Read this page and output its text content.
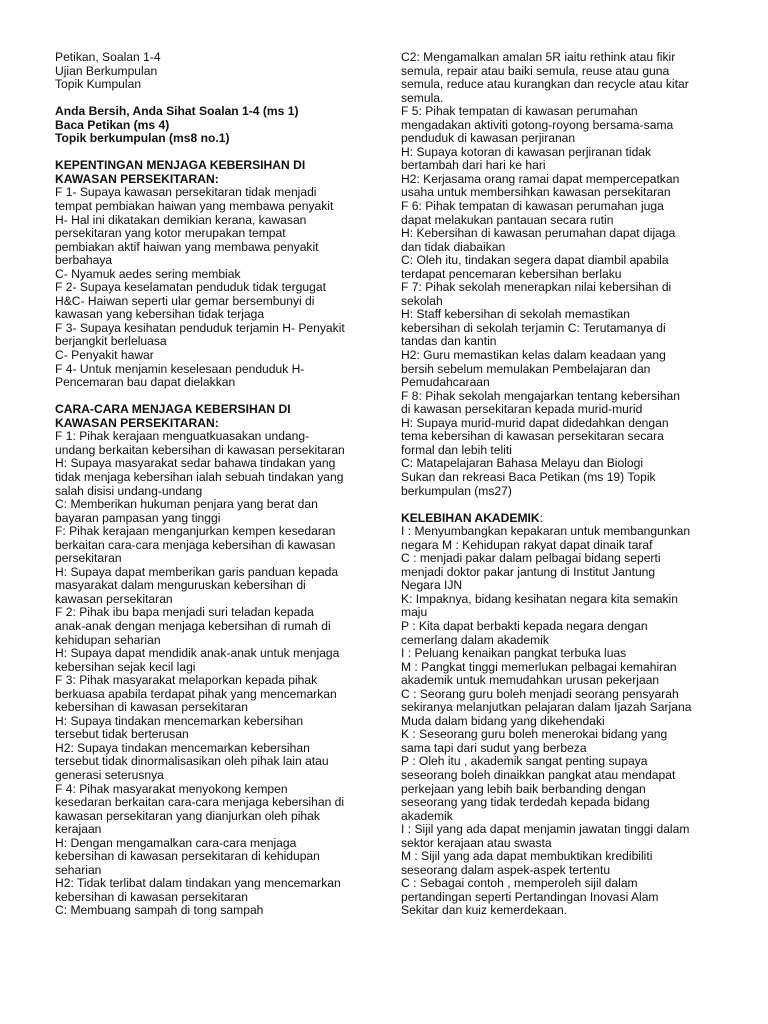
Petikan, Soalan 1-4
Ujian Berkumpulan
Topik Kumpulan
Anda Bersih, Anda Sihat Soalan 1-4 (ms 1)
Baca Petikan (ms 4)
Topik berkumpulan (ms8 no.1)
KEPENTINGAN MENJAGA KEBERSIHAN DI
KAWASAN PERSEKITARAN:
F 1- Supaya kawasan persekitaran tidak menjadi
tempat pembiakan haiwan yang membawa penyakit
H- Hal ini dikatakan demikian kerana, kawasan
persekitaran yang kotor merupakan tempat
pembiakan aktif haiwan yang membawa penyakit
berbahaya
C- Nyamuk aedes sering membiak
F 2- Supaya keselamatan penduduk tidak tergugat
H&C- Haiwan seperti ular gemar bersembunyi di
kawasan yang kebersihan tidak terjaga
F 3- Supaya kesihatan penduduk terjamin H- Penyakit
berjangkit berleluasa
C- Penyakit hawar
F 4- Untuk menjamin keselesaan penduduk H-
Pencemaran bau dapat dielakkan
CARA-CARA MENJAGA KEBERSIHAN DI
KAWASAN PERSEKITARAN:
F 1: Pihak kerajaan menguatkuasakan undang-
undang berkaitan kebersihan di kawasan persekitaran
H: Supaya masyarakat sedar bahawa tindakan yang
tidak menjaga kebersihan ialah sebuah tindakan yang
salah disisi undang-undang
C: Memberikan hukuman penjara yang berat dan
bayaran pampasan yang tinggi
F: Pihak kerajaan menganjurkan kempen kesedaran
berkaitan cara-cara menjaga kebersihan di kawasan
persekitaran
H: Supaya dapat memberikan garis panduan kepada
masyarakat dalam menguruskan kebersihan di
kawasan persekitaran
F 2: Pihak ibu bapa menjadi suri teladan kepada
anak-anak dengan menjaga kebersihan di rumah di
kehidupan seharian
H: Supaya dapat mendidik anak-anak untuk menjaga
kebersihan sejak kecil lagi
F 3: Pihak masyarakat melaporkan kepada pihak
berkuasa apabila terdapat pihak yang mencemarkan
kebersihan di kawasan persekitaran
H: Supaya tindakan mencemarkan kebersihan
tersebut tidak berterusan
H2: Supaya tindakan mencemarkan kebersihan
tersebut tidak dinormalisasikan oleh pihak lain atau
generasi seterusnya
F 4: Pihak masyarakat menyokong kempen
kesedaran berkaitan cara-cara menjaga kebersihan di
kawasan persekitaran yang dianjurkan oleh pihak
kerajaan
H: Dengan mengamalkan cara-cara menjaga
kebersihan di kawasan persekitaran di kehidupan
seharian
H2: Tidak terlibat dalam tindakan yang mencemarkan
kebersihan di kawasan persekitaran
C: Membuang sampah di tong sampah
C2: Mengamalkan amalan 5R iaitu rethink atau fikir
semula, repair atau baiki semula, reuse atau guna
semula, reduce atau kurangkan dan recycle atau kitar
semula.
F 5: Pihak tempatan di kawasan perumahan
mengadakan aktiviti gotong-royong bersama-sama
penduduk di kawasan perjiranan
H: Supaya kotoran di kawasan perjiranan tidak
bertambah dari hari ke hari
H2: Kerjasama orang ramai dapat mempercepatkan
usaha untuk membersihkan kawasan persekitaran
F 6: Pihak tempatan di kawasan perumahan juga
dapat melakukan pantauan secara rutin
H: Kebersihan di kawasan perumahan dapat dijaga
dan tidak diabaikan
C: Oleh itu, tindakan segera dapat diambil apabila
terdapat pencemaran kebersihan berlaku
F 7: Pihak sekolah menerapkan nilai kebersihan di
sekolah
H: Staff kebersihan di sekolah memastikan
kebersihan di sekolah terjamin C: Terutamanya di
tandas dan kantin
H2: Guru memastikan kelas dalam keadaan yang
bersih sebelum memulakan Pembelajaran dan
Pemudahcaraan
F 8: Pihak sekolah mengajarkan tentang kebersihan
di kawasan persekitaran kepada murid-murid
H: Supaya murid-murid dapat didedahkan dengan
tema kebersihan di kawasan persekitaran secara
formal dan lebih teliti
C: Matapelajaran Bahasa Melayu dan Biologi
Sukan dan rekreasi Baca Petikan (ms 19) Topik
berkumpulan (ms27)
KELEBIHAN AKADEMIK:
I : Menyumbangkan kepakaran untuk membangunkan
negara M : Kehidupan rakyat dapat dinaik taraf
C : menjadi pakar dalam pelbagai bidang seperti
menjadi doktor pakar jantung di Institut Jantung
Negara IJN
K: Impaknya, bidang kesihatan negara kita semakin
maju
P : Kita dapat berbakti kepada negara dengan
cemerlang dalam akademik
I : Peluang kenaikan pangkat terbuka luas
M : Pangkat tinggi memerlukan pelbagai kemahiran
akademik untuk memudahkan urusan pekerjaan
C : Seorang guru boleh menjadi seorang pensyarah
sekiranya melanjutkan pelajaran dalam Ijazah Sarjana
Muda dalam bidang yang dikehendaki
K : Seseorang guru boleh menerokai bidang yang
sama tapi dari sudut yang berbeza
P : Oleh itu , akademik sangat penting supaya
seseorang boleh dinaikkan pangkat atau mendapat
perkejaan yang lebih baik berbanding dengan
seseorang yang tidak terdedah kepada bidang
akademik
I : Sijil yang ada dapat menjamin jawatan tinggi dalam
sektor kerajaan atau swasta
M : Sijil yang ada dapat membuktikan kredibiliti
seseorang dalam aspek-aspek tertentu
C : Sebagai contoh , memperoleh sijil dalam
pertandingan seperti Pertandingan Inovasi Alam
Sekitar dan kuiz kemerdekaan.
